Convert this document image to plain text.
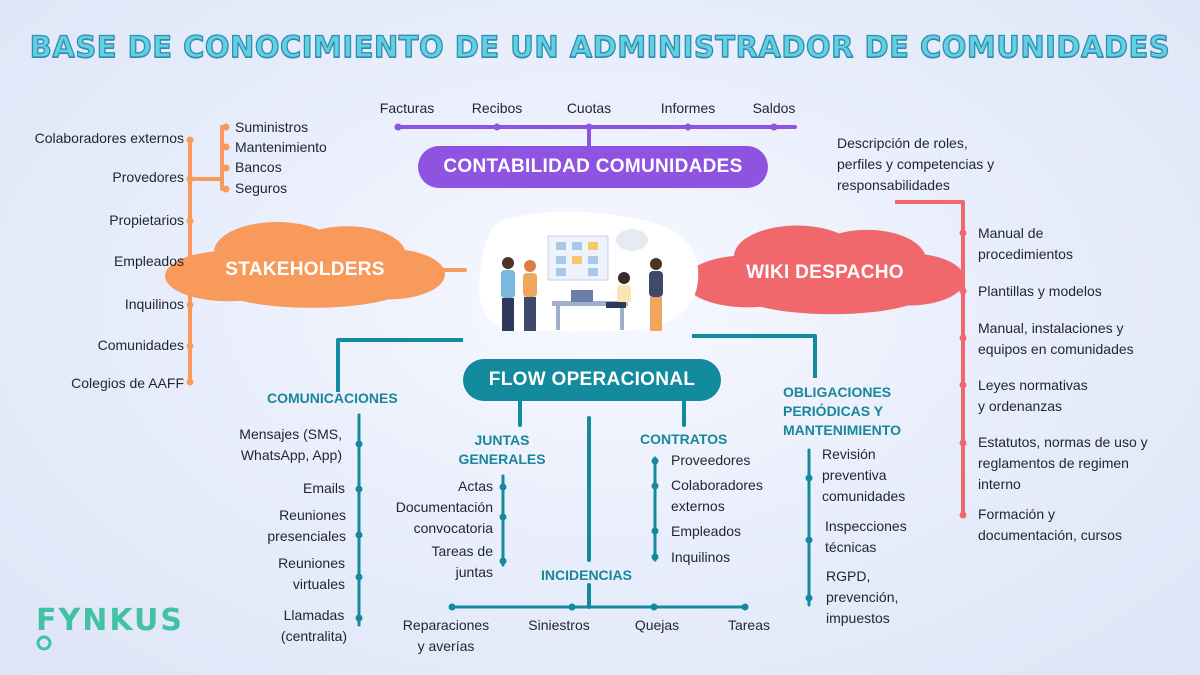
BASE DE CONOCIMIENTO DE UN ADMINISTRADOR DE COMUNIDADES
CONTABILIDAD COMUNIDADES
Facturas	Recibos	Cuotas	Informes	Saldos
STAKEHOLDERS
Colaboradores externos
Provedores
Propietarios
Empleados
Inquilinos
Comunidades
Colegios de AAFF
Suministros
Mantenimiento
Bancos
Seguros
WIKI DESPACHO
Descripción de roles,
perfiles y competencias y
responsabilidades
Manual de
procedimientos
Plantillas y modelos
Manual, instalaciones y
equipos en comunidades
Leyes normativas
y ordenanzas
Estatutos, normas de uso y
reglamentos de regimen
interno
Formación y
documentación, cursos
FLOW OPERACIONAL
COMUNICACIONES
Mensajes (SMS,
WhatsApp, App)
Emails
Reuniones
presenciales
Reuniones
virtuales
Llamadas
(centralita)
JUNTAS
GENERALES
Actas
Documentación
convocatoria
Tareas de
juntas
CONTRATOS
Proveedores
Colaboradores
externos
Empleados
Inquilinos
OBLIGACIONES
PERIÓDICAS Y
MANTENIMIENTO
Revisión
preventiva
comunidades
Inspecciones
técnicas
RGPD,
prevención,
impuestos
INCIDENCIAS
Reparaciones
y averías
Siniestros	Quejas	Tareas
FYNKUS
